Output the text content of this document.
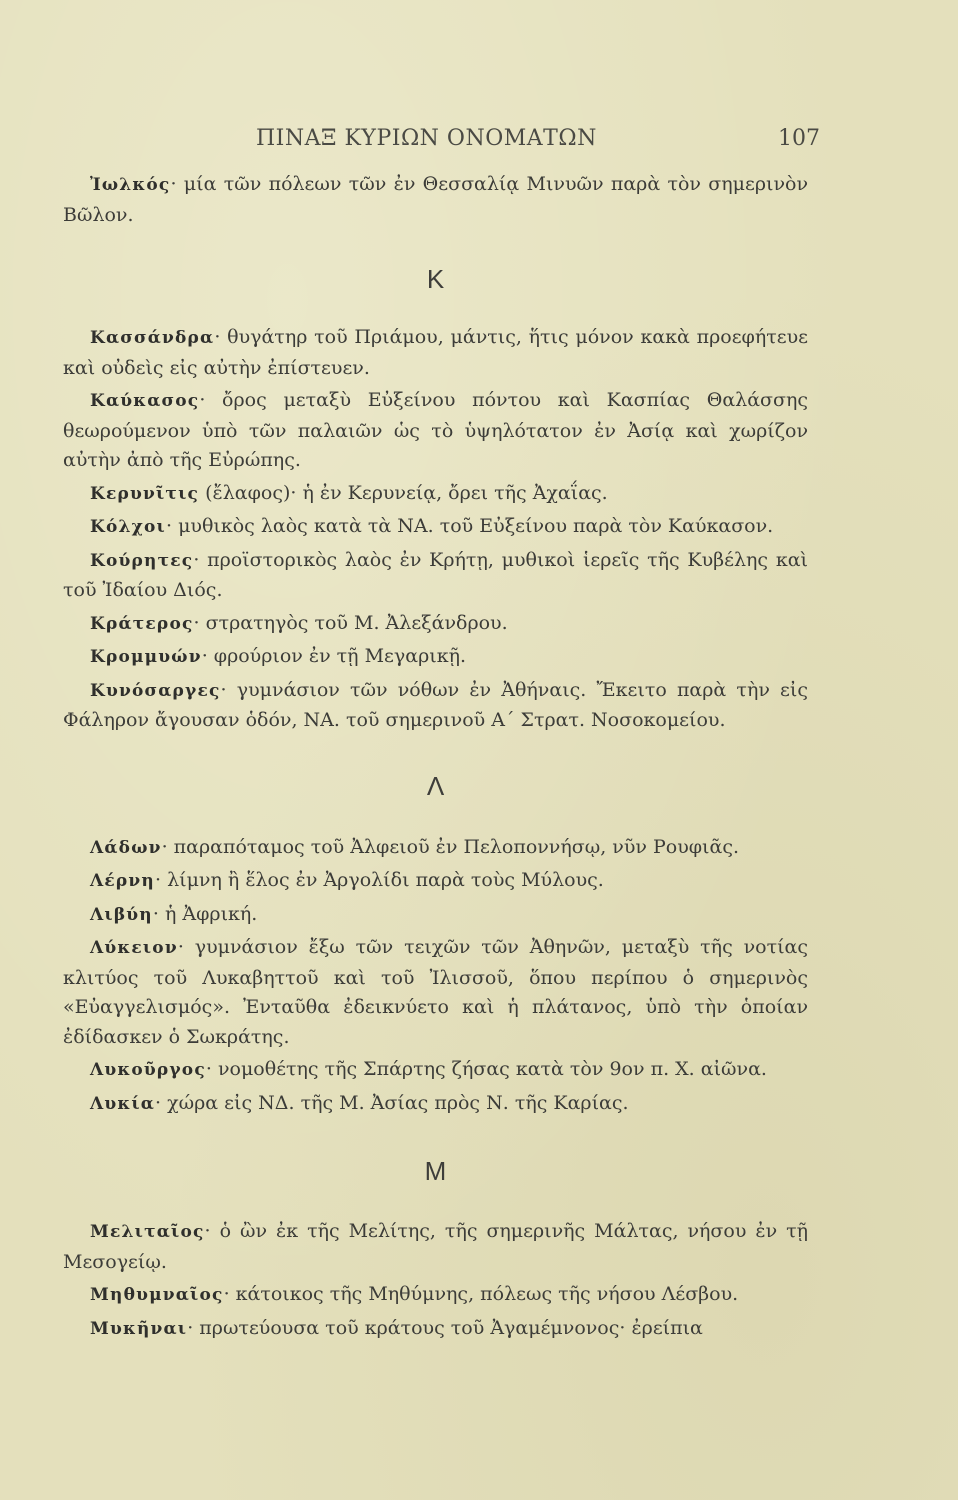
ΠΙΝΑΞ ΚΥΡΙΩΝ ΟΝΟΜΑΤΩΝ	107

Ἰωλκός· μία τῶν πόλεων τῶν ἐν Θεσσαλίᾳ Μινυῶν παρὰ τὸν σημερινὸν Βῶλον.

Κ

Κασσάνδρα· θυγάτηρ τοῦ Πριάμου, μάντις, ἥτις μόνον κακὰ προεφήτευε καὶ οὐδεὶς εἰς αὐτὴν ἐπίστευεν.

Καύκασος· ὄρος μεταξὺ Εὐξείνου πόντου καὶ Κασπίας Θαλάσσης θεωρούμενον ὑπὸ τῶν παλαιῶν ὡς τὸ ὑψηλότατον ἐν Ἀσίᾳ καὶ χωρίζον αὐτὴν ἀπὸ τῆς Εὐρώπης.

Κερυνῖτις (ἔλαφος)· ἡ ἐν Κερυνείᾳ, ὄρει τῆς Ἀχαΐας.

Κόλχοι· μυθικὸς λαὸς κατὰ τὰ ΝΑ. τοῦ Εὐξείνου παρὰ τὸν Καύκασον.

Κούρητες· προϊστορικὸς λαὸς ἐν Κρήτῃ, μυθικοὶ ἱερεῖς τῆς Κυβέλης καὶ τοῦ Ἰδαίου Διός.

Κράτερος· στρατηγὸς τοῦ Μ. Ἀλεξάνδρου.

Κρομμυών· φρούριον ἐν τῇ Μεγαρικῇ.

Κυνόσαργες· γυμνάσιον τῶν νόθων ἐν Ἀθήναις. Ἔκειτο παρὰ τὴν εἰς Φάληρον ἄγουσαν ὁδόν, ΝΑ. τοῦ σημερινοῦ Α΄ Στρατ. Νοσοκομείου.

Λ

Λάδων· παραπόταμος τοῦ Ἀλφειοῦ ἐν Πελοποννήσῳ, νῦν Ρουφιᾶς.

Λέρνη· λίμνη ἢ ἕλος ἐν Ἀργολίδι παρὰ τοὺς Μύλους.

Λιβύη· ἡ Ἀφρική.

Λύκειον· γυμνάσιον ἔξω τῶν τειχῶν τῶν Ἀθηνῶν, μεταξὺ τῆς νοτίας κλιτύος τοῦ Λυκαβηττοῦ καὶ τοῦ Ἰλισσοῦ, ὅπου περίπου ὁ σημερινὸς «Εὐαγγελισμός». Ἐνταῦθα ἐδεικνύετο καὶ ἡ πλάτανος, ὑπὸ τὴν ὁποίαν ἐδίδασκεν ὁ Σωκράτης.

Λυκοῦργος· νομοθέτης τῆς Σπάρτης ζήσας κατὰ τὸν 9ον π. Χ. αἰῶνα.

Λυκία· χώρα εἰς ΝΔ. τῆς Μ. Ἀσίας πρὸς Ν. τῆς Καρίας.

Μ

Μελιταῖος· ὁ ὢν ἐκ τῆς Μελίτης, τῆς σημερινῆς Μάλτας, νήσου ἐν τῇ Μεσογείῳ.

Μηθυμναῖος· κάτοικος τῆς Μηθύμνης, πόλεως τῆς νήσου Λέσβου.

Μυκῆναι· πρωτεύουσα τοῦ κράτους τοῦ Ἀγαμέμνονος· ἐρείπια
